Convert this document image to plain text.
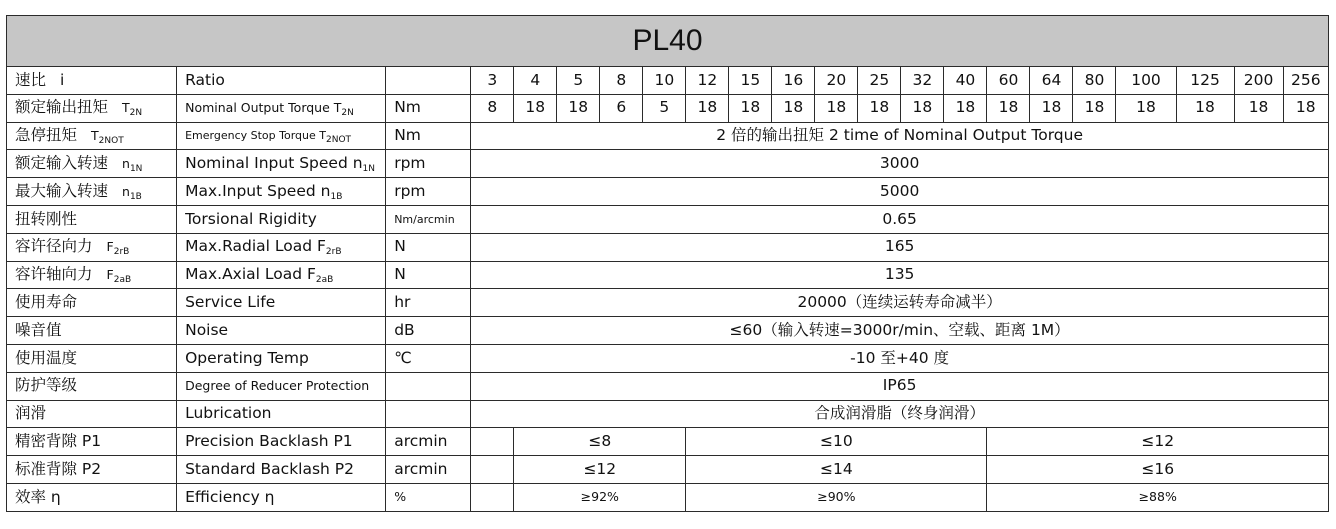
PL40																					
速比 i	Ratio		3	4	5	8	10	12	15	16	20	25	32	40	60	64	80	100	125	200	256
额定输出扭矩 T2N	Nominal Output Torque $T_{2N}$	Nm	8	18	18	6	5	18	18	18	18	18	18	18	18	18	18	18	18	18	18
急停扭矩 T2NOT	Emergency Stop Torque $T_{2NOT}$	Nm	2 倍的输出扭矩 2 time of Nominal Output Torque																		
额定输入转速 n1N	Nominal Input Speed n1N	rpm	3000																		
最大输入转速 n1B	Max.Input Speed n1B	rpm	5000																		
扭转刚性	Torsional Rigidity	Nm/arcmin	0.65																		
容许径向力 F2rB	Max.Radial Load F2rB	N	165																		
容许轴向力 F2aB	Max.Axial Load F2aB	N	135																		
使用寿命	Service Life	hr	20000（连续运转寿命减半）																		
噪音值	Noise	dB	≤60（输入转速=3000r/min、空载、距离 1M）																		
使用温度	Operating Temp	℃	-10 至+40 度																		
防护等级	Degree of Reducer Protection		IP65																		
润滑	Lubrication		合成润滑脂（终身润滑）																		
精密背隙 P1	Precision Backlash P1	arcmin		≤8				≤10							≤12						
标准背隙 P2	Standard Backlash P2	arcmin		≤12				≤14							≤16						
效率 η	Efficiency η	%		≥92%				≥90%							≥88%						
